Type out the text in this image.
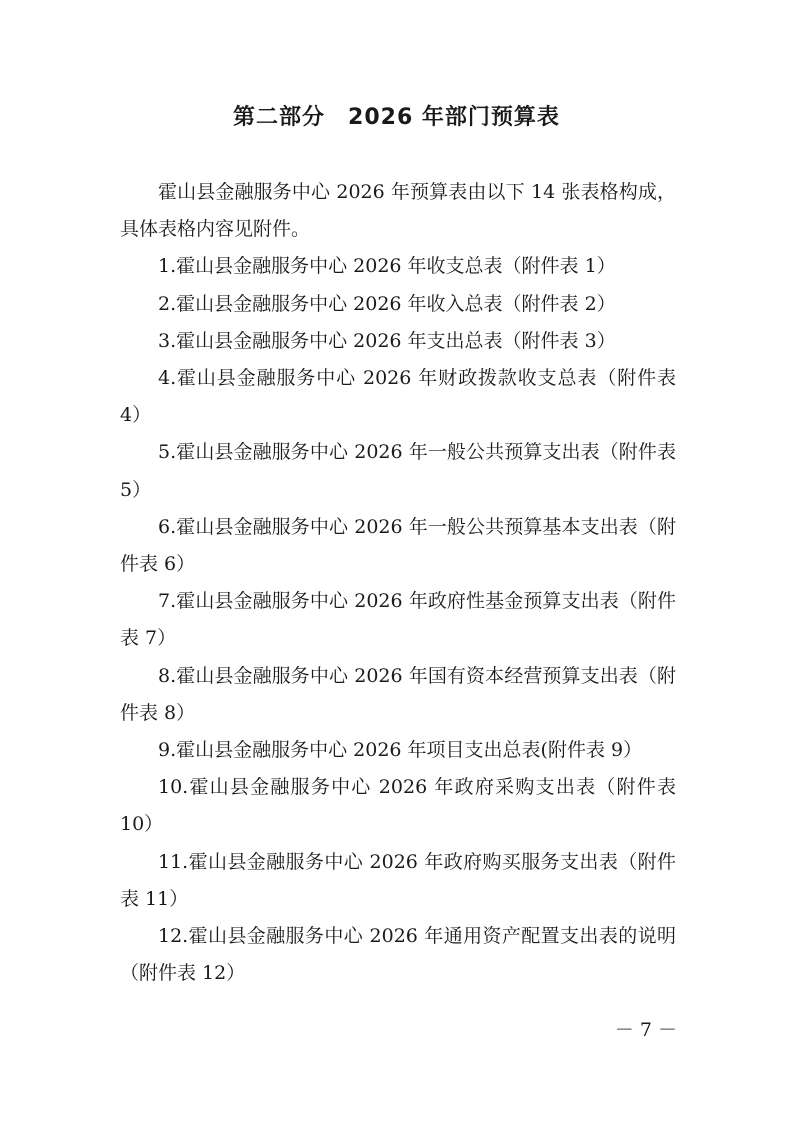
第二部分　2026 年部门预算表

霍山县金融服务中心 2026 年预算表由以下 14 张表格构成，具体表格内容见附件。

1.霍山县金融服务中心 2026 年收支总表（附件表 1）

2.霍山县金融服务中心 2026 年收入总表（附件表 2）

3.霍山县金融服务中心 2026 年支出总表（附件表 3）

4.霍山县金融服务中心 2026 年财政拨款收支总表（附件表 4）

5.霍山县金融服务中心 2026 年一般公共预算支出表（附件表 5）

6.霍山县金融服务中心 2026 年一般公共预算基本支出表（附件表 6）

7.霍山县金融服务中心 2026 年政府性基金预算支出表（附件表 7）

8.霍山县金融服务中心 2026 年国有资本经营预算支出表（附件表 8）

9.霍山县金融服务中心 2026 年项目支出总表(附件表 9）

10.霍山县金融服务中心 2026 年政府采购支出表（附件表 10）

11.霍山县金融服务中心 2026 年政府购买服务支出表（附件表 11）

12.霍山县金融服务中心 2026 年通用资产配置支出表的说明（附件表 12）

－ 7 －
